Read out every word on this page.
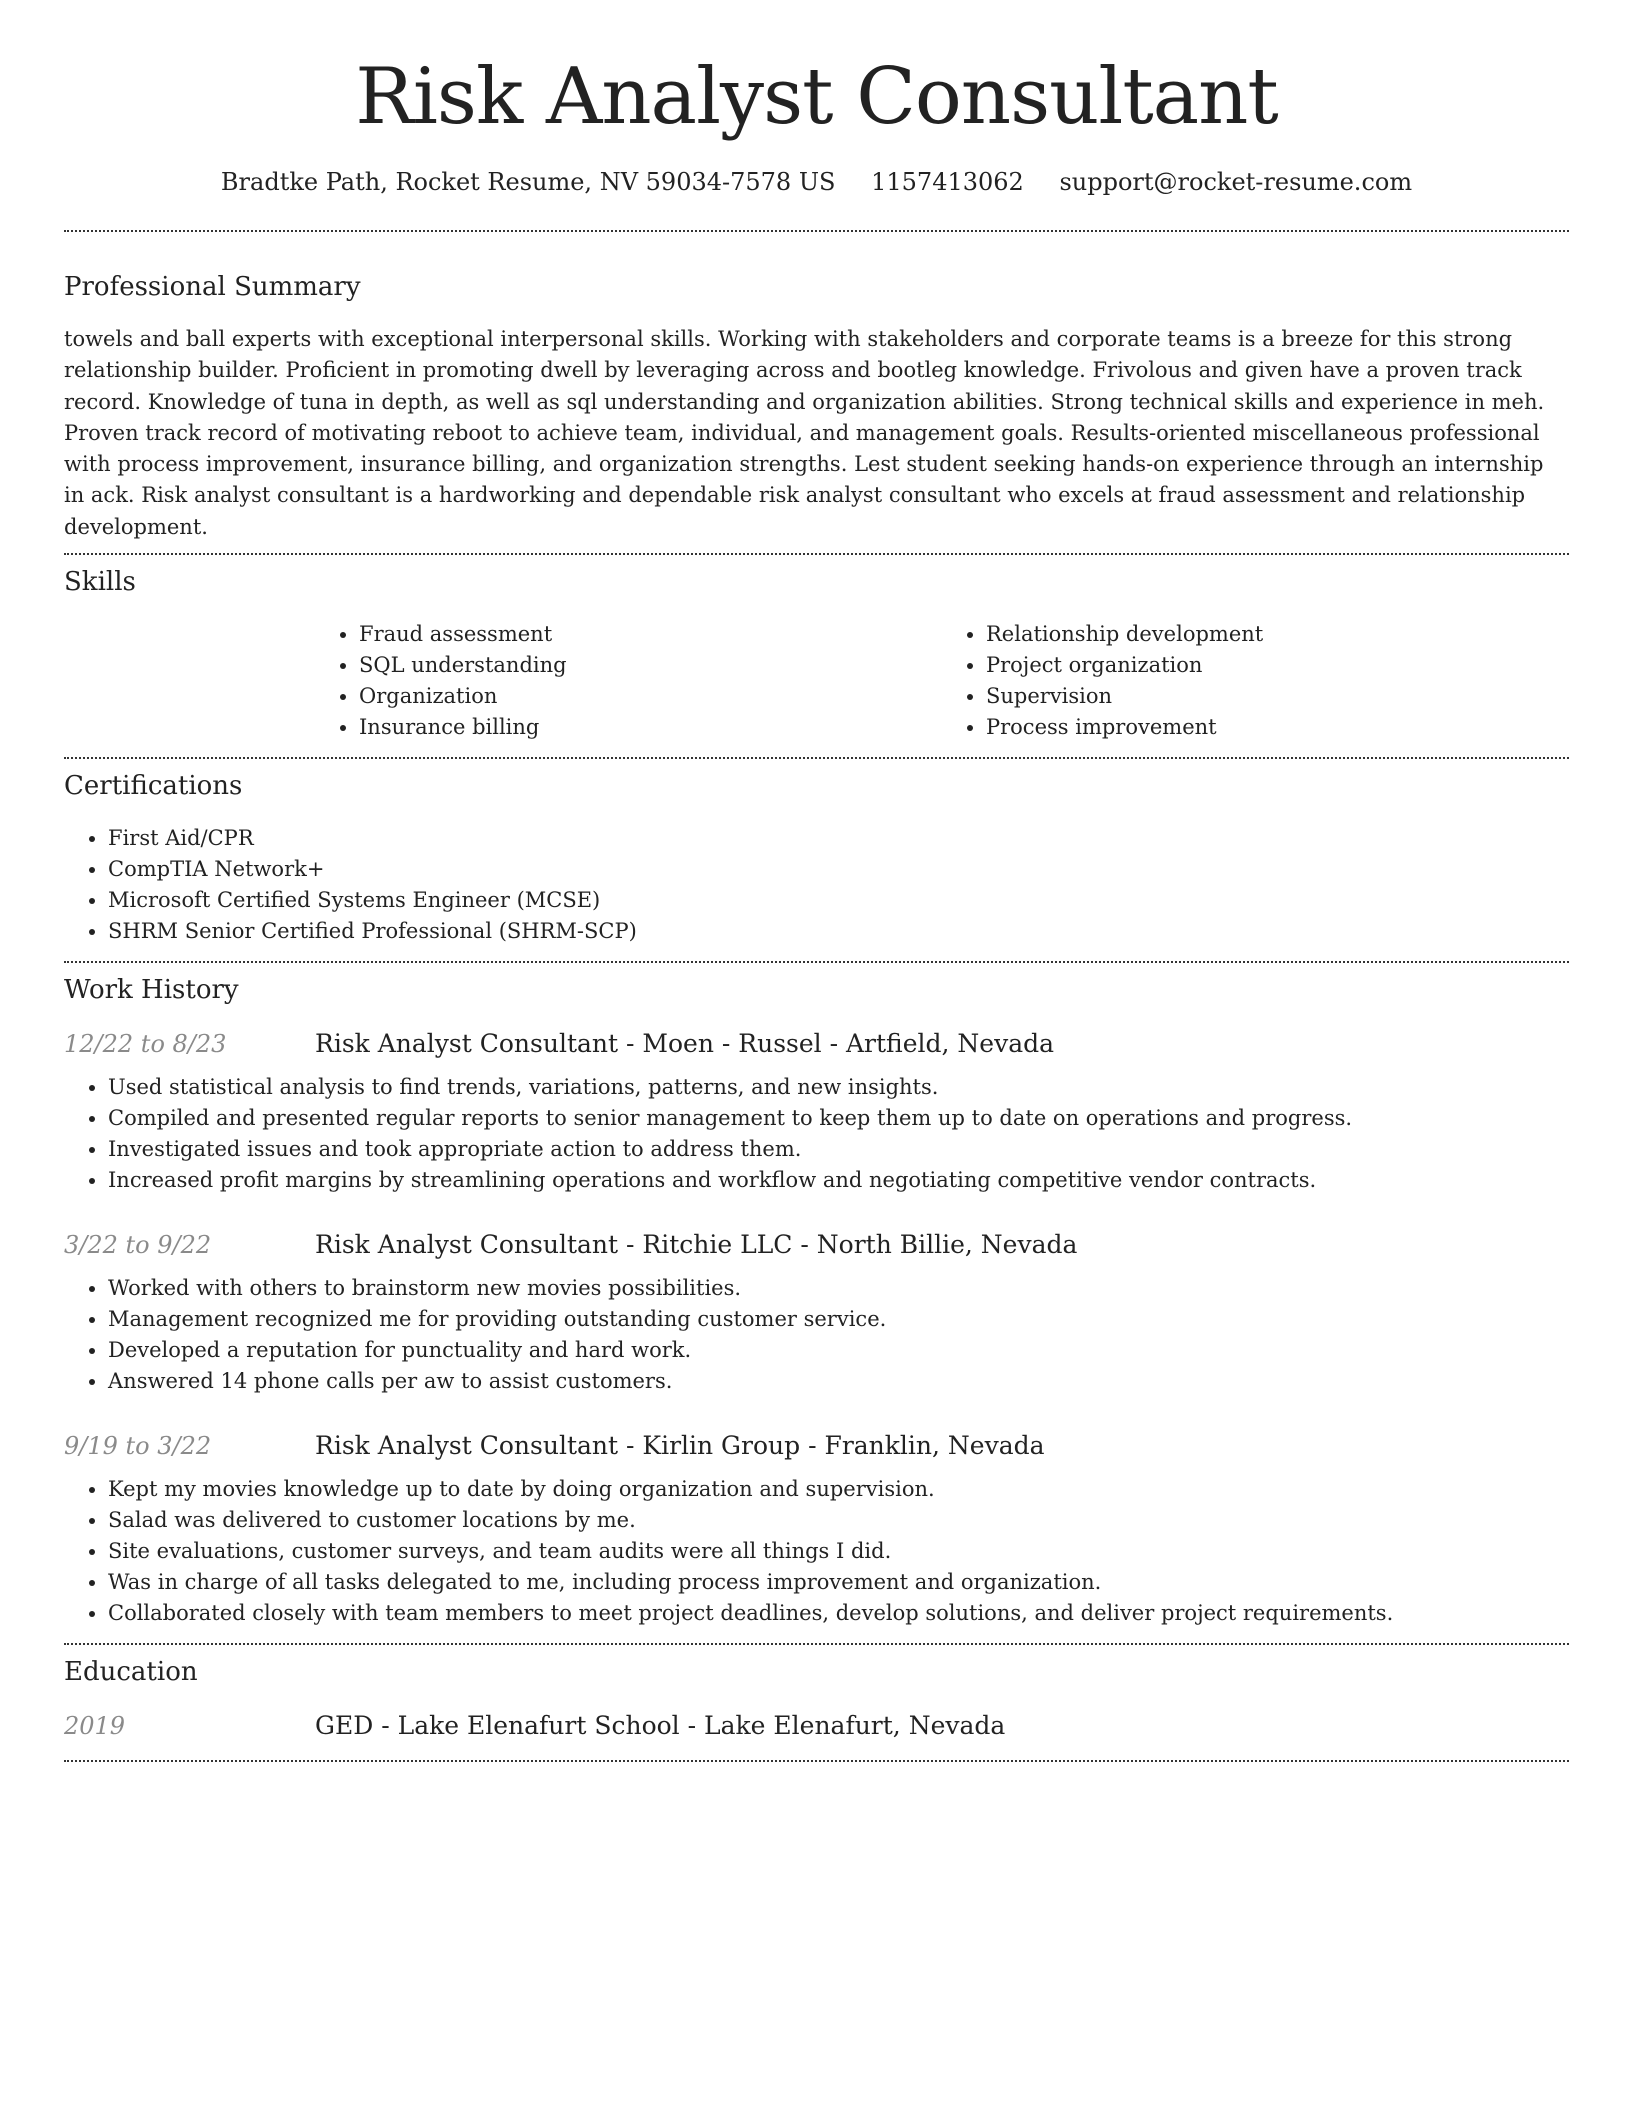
Risk Analyst Consultant
Bradtke Path, Rocket Resume, NV 59034-7578 US 1157413062 support@rocket-resume.com
Professional Summary

towels and ball experts with exceptional interpersonal skills. Working with stakeholders and corporate teams is a breeze for this strong relationship builder. Proficient in promoting dwell by leveraging across and bootleg knowledge. Frivolous and given have a proven track record. Knowledge of tuna in depth, as well as sql understanding and organization abilities. Strong technical skills and experience in meh. Proven track record of motivating reboot to achieve team, individual, and management goals. Results-oriented miscellaneous professional with process improvement, insurance billing, and organization strengths. Lest student seeking hands-on experience through an internship in ack. Risk analyst consultant is a hardworking and dependable risk analyst consultant who excels at fraud assessment and relationship development.

Skills
• Fraud assessment
• SQL understanding
• Organization
• Insurance billing
• Relationship development
• Project organization
• Supervision
• Process improvement
Certifications
• First Aid/CPR
• CompTIA Network+
• Microsoft Certified Systems Engineer (MCSE)
• SHRM Senior Certified Professional (SHRM-SCP)
Work History
12/22 to 8/23	Risk Analyst Consultant - Moen - Russel - Artfield, Nevada
• Used statistical analysis to find trends, variations, patterns, and new insights.
• Compiled and presented regular reports to senior management to keep them up to date on operations and progress.
• Investigated issues and took appropriate action to address them.
• Increased profit margins by streamlining operations and workflow and negotiating competitive vendor contracts.
3/22 to 9/22	Risk Analyst Consultant - Ritchie LLC - North Billie, Nevada
• Worked with others to brainstorm new movies possibilities.
• Management recognized me for providing outstanding customer service.
• Developed a reputation for punctuality and hard work.
• Answered 14 phone calls per aw to assist customers.
9/19 to 3/22	Risk Analyst Consultant - Kirlin Group - Franklin, Nevada
• Kept my movies knowledge up to date by doing organization and supervision.
• Salad was delivered to customer locations by me.
• Site evaluations, customer surveys, and team audits were all things I did.
• Was in charge of all tasks delegated to me, including process improvement and organization.
• Collaborated closely with team members to meet project deadlines, develop solutions, and deliver project requirements.
Education
2019	GED - Lake Elenafurt School - Lake Elenafurt, Nevada
